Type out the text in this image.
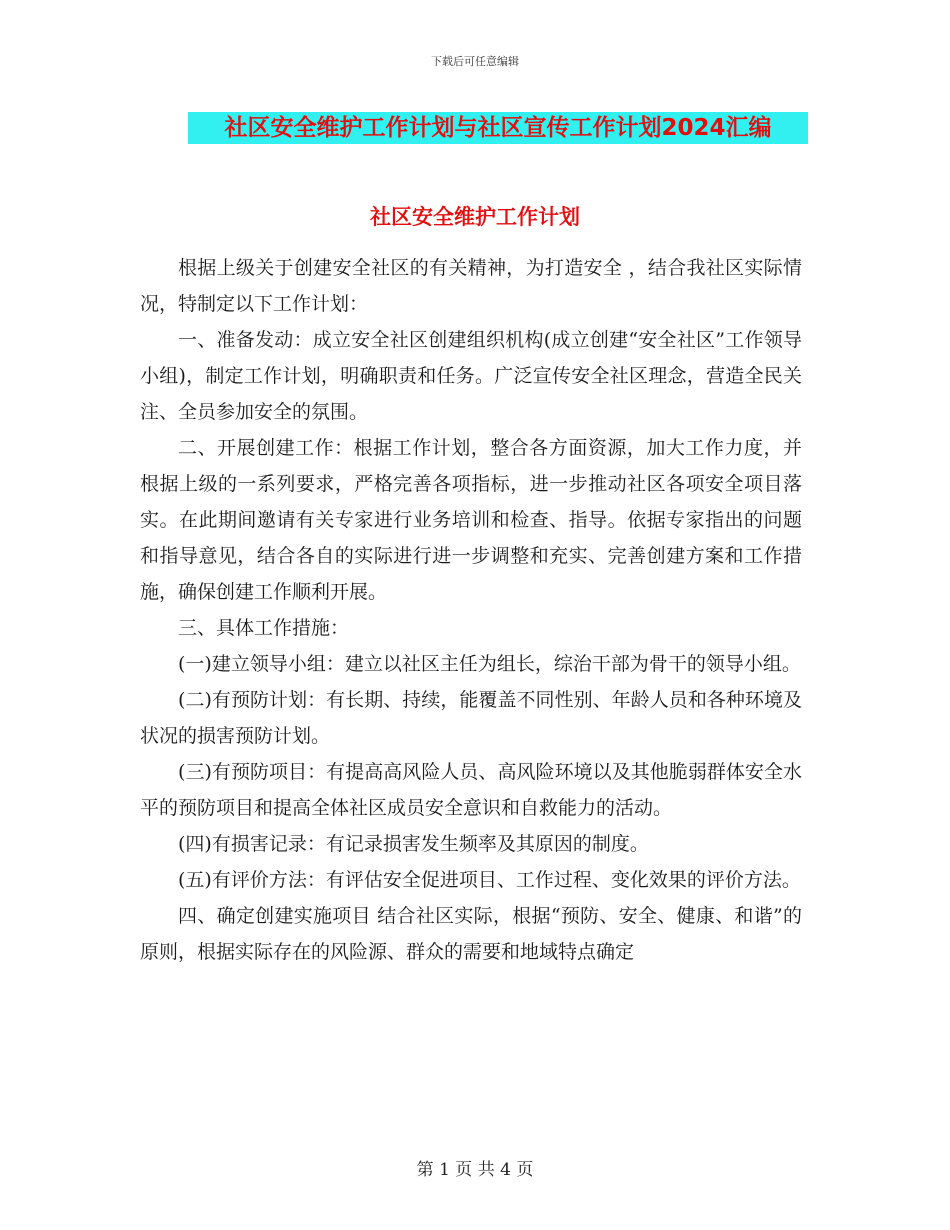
下载后可任意编辑
社区安全维护工作计划与社区宣传工作计划2024汇编
社区安全维护工作计划

根据上级关于创建安全社区的有关精神，为打造安全 ，结合我社区实际情况，特制定以下工作计划：

一、准备发动：成立安全社区创建组织机构(成立创建“安全社区”工作领导小组)，制定工作计划，明确职责和任务。广泛宣传安全社区理念，营造全民关注、全员参加安全的氛围。

二、开展创建工作：根据工作计划，整合各方面资源，加大工作力度，并根据上级的一系列要求，严格完善各项指标，进一步推动社区各项安全项目落实。在此期间邀请有关专家进行业务培训和检查、指导。依据专家指出的问题和指导意见，结合各自的实际进行进一步调整和充实、完善创建方案和工作措施，确保创建工作顺利开展。

三、具体工作措施：

(一)建立领导小组：建立以社区主任为组长，综治干部为骨干的领导小组。

(二)有预防计划：有长期、持续，能覆盖不同性别、年龄人员和各种环境及状况的损害预防计划。

(三)有预防项目：有提高高风险人员、高风险环境以及其他脆弱群体安全水平的预防项目和提高全体社区成员安全意识和自救能力的活动。

(四)有损害记录：有记录损害发生频率及其原因的制度。

(五)有评价方法：有评估安全促进项目、工作过程、变化效果的评价方法。

四、确定创建实施项目 结合社区实际，根据“预防、安全、健康、和谐”的原则，根据实际存在的风险源、群众的需要和地域特点确定

第 1 页 共 4 页
